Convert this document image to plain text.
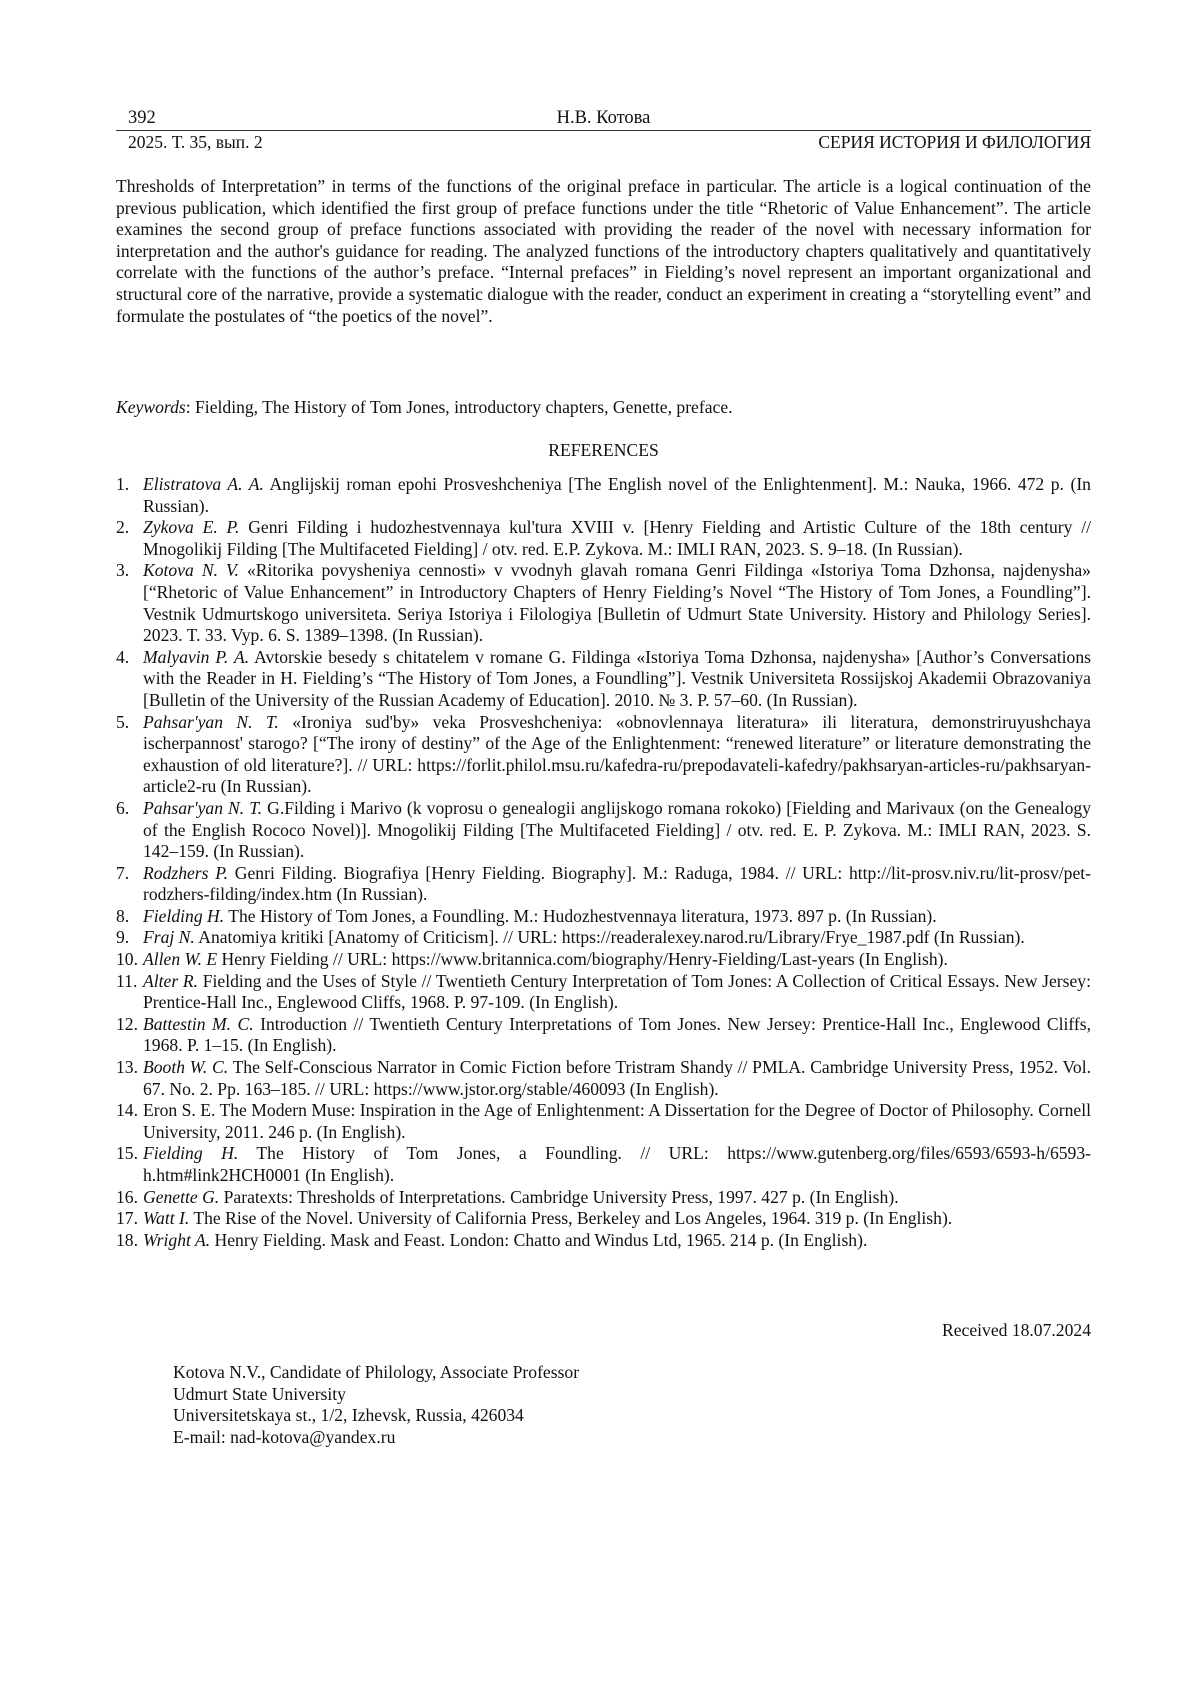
392	Н.В. Котова
2025. Т. 35, вып. 2	СЕРИЯ ИСТОРИЯ И ФИЛОЛОГИЯ
Thresholds of Interpretation” in terms of the functions of the original preface in particular. The article is a logical continuation of the previous publication, which identified the first group of preface functions under the title “Rhetoric of Value Enhancement”. The article examines the second group of preface functions associated with providing the reader of the novel with necessary information for interpretation and the author's guidance for reading. The analyzed functions of the introductory chapters qualitatively and quantitatively correlate with the functions of the author’s preface. “Internal prefaces” in Fielding’s novel represent an important organizational and structural core of the narrative, provide a systematic dialogue with the reader, conduct an experiment in creating a “storytelling event” and formulate the postulates of “the poetics of the novel”.
Keywords: Fielding, The History of Tom Jones, introductory chapters, Genette, preface.
REFERENCES
1. Elistratova A. A. Anglijskij roman epohi Prosveshcheniya [The English novel of the Enlightenment]. M.: Nauka, 1966. 472 p. (In Russian).
2. Zykova E. P. Genri Filding i hudozhestvennaya kul'tura XVIII v. [Henry Fielding and Artistic Culture of the 18th century // Mnogolikij Filding [The Multifaceted Fielding] / otv. red. E.P. Zykova. M.: IMLI RAN, 2023. S. 9–18. (In Russian).
3. Kotova N. V. «Ritorika povysheniya cennosti» v vvodnyh glavah romana Genri Fildinga «Istoriya Toma Dzhonsa, najdenysha» [“Rhetoric of Value Enhancement” in Introductory Chapters of Henry Fielding’s Novel “The History of Tom Jones, a Foundling”]. Vestnik Udmurtskogo universiteta. Seriya Istoriya i Filologiya [Bulletin of Udmurt State University. History and Philology Series]. 2023. T. 33. Vyp. 6. S. 1389–1398. (In Russian).
4. Malyavin P. A. Avtorskie besedy s chitatelem v romane G. Fildinga «Istoriya Toma Dzhonsa, najdenysha» [Author’s Conversations with the Reader in H. Fielding’s “The History of Tom Jones, a Foundling”]. Vestnik Universiteta Rossijskoj Akademii Obrazovaniya [Bulletin of the University of the Russian Academy of Education]. 2010. № 3. P. 57–60. (In Russian).
5. Pahsar'yan N. T. «Ironiya sud'by» veka Prosveshcheniya: «obnovlennaya literatura» ili literatura, demonstriruyushchaya ischerpannost' starogo? [“The irony of destiny” of the Age of the Enlightenment: “renewed literature” or literature demonstrating the exhaustion of old literature?]. // URL: https://forlit.philol.msu.ru/kafedra-ru/prepodavateli-kafedry/pakhsaryan-articles-ru/pakhsaryan-article2-ru (In Russian).
6. Pahsar'yan N. T. G.Filding i Marivo (k voprosu o genealogii anglijskogo romana rokoko) [Fielding and Marivaux (on the Genealogy of the English Rococo Novel)]. Mnogolikij Filding [The Multifaceted Fielding] / otv. red. E. P. Zykova. M.: IMLI RAN, 2023. S. 142–159. (In Russian).
7. Rodzhers P. Genri Filding. Biografiya [Henry Fielding. Biography]. M.: Raduga, 1984. // URL: http://lit-prosv.niv.ru/lit-prosv/pet-rodzhers-filding/index.htm (In Russian).
8. Fielding H. The History of Tom Jones, a Foundling. M.: Hudozhestvennaya literatura, 1973. 897 p. (In Russian).
9. Fraj N. Anatomiya kritiki [Anatomy of Criticism]. // URL: https://readeralexey.narod.ru/Library/Frye_1987.pdf (In Russian).
10. Allen W. E Henry Fielding // URL: https://www.britannica.com/biography/Henry-Fielding/Last-years (In English).
11. Alter R. Fielding and the Uses of Style // Twentieth Century Interpretation of Tom Jones: A Collection of Critical Essays. New Jersey: Prentice-Hall Inc., Englewood Cliffs, 1968. P. 97-109. (In English).
12. Battestin M. C. Introduction // Twentieth Century Interpretations of Tom Jones. New Jersey: Prentice-Hall Inc., Englewood Cliffs, 1968. P. 1–15. (In English).
13. Booth W. C. The Self-Conscious Narrator in Comic Fiction before Tristram Shandy // PMLA. Cambridge University Press, 1952. Vol. 67. No. 2. Pp. 163–185. // URL: https://www.jstor.org/stable/460093 (In English).
14. Eron S. E. The Modern Muse: Inspiration in the Age of Enlightenment: A Dissertation for the Degree of Doctor of Philosophy. Cornell University, 2011. 246 p. (In English).
15. Fielding H. The History of Tom Jones, a Foundling. // URL: https://www.gutenberg.org/files/6593/6593-h/6593-h.htm#link2HCH0001 (In English).
16. Genette G. Paratexts: Thresholds of Interpretations. Cambridge University Press, 1997. 427 p. (In English).
17. Watt I. The Rise of the Novel. University of California Press, Berkeley and Los Angeles, 1964. 319 p. (In English).
18. Wright A. Henry Fielding. Mask and Feast. London: Chatto and Windus Ltd, 1965. 214 p. (In English).
Received 18.07.2024
Kotova N.V., Candidate of Philology, Associate Professor
Udmurt State University
Universitetskaya st., 1/2, Izhevsk, Russia, 426034
E-mail: nad-kotova@yandex.ru
